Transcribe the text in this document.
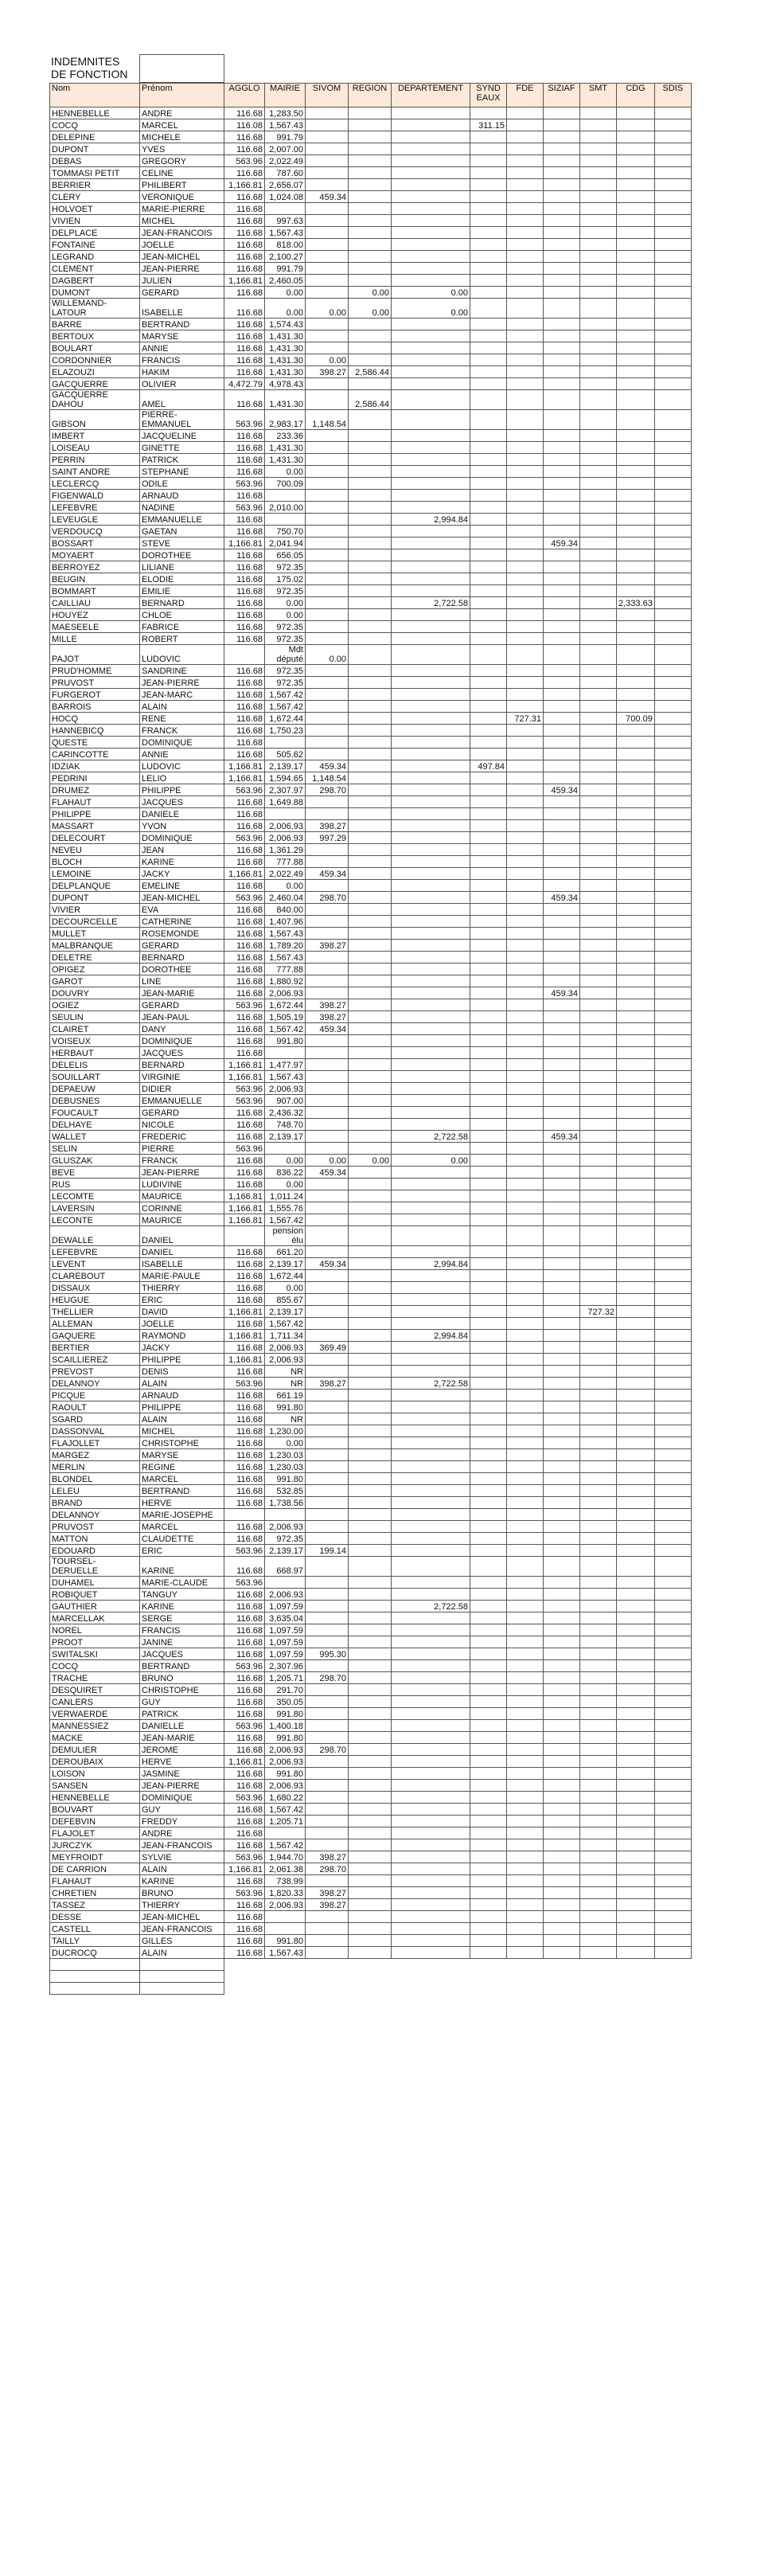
INDEMNITES DE FONCTION	
Nom	Prénom	AGGLO	MAIRIE	SIVOM	REGION	DEPARTEMENT	SYND EAUX	FDE	SIZIAF	SMT	CDG	SDIS
HENNEBELLE	ANDRE	116.68	1,283.50									
COCQ	MARCEL	116.08	1,567.43				311.15					
DELEPINE	MICHELE	116.68	991.79									
DUPONT	YVES	116.68	2,007.00									
DEBAS	GREGORY	563.96	2,022.49									
TOMMASI PETIT	CELINE	116.68	787.60									
BERRIER	PHILIBERT	1,166.81	2,656.07									
CLERY	VERONIQUE	116.68	1,024.08	459.34								
HOLVOET	MARIE-PIERRE	116.68										
VIVIEN	MICHEL	116.68	997.63									
DELPLACE	JEAN-FRANCOIS	116.68	1,567.43									
FONTAINE	JOELLE	116.68	818.00									
LEGRAND	JEAN-MICHEL	116.68	2,100.27									
CLEMENT	JEAN-PIERRE	116.68	991.79									
DAGBERT	JULIEN	1,166.81	2,460.05									
DUMONT	GERARD	116.68	0.00		0.00	0.00						
WILLEMAND-LATOUR	ISABELLE	116.68	0.00	0.00	0.00	0.00						
BARRE	BERTRAND	116.68	1,574.43									
BERTOUX	MARYSE	116.68	1,431.30									
BOULART	ANNIE	116.68	1,431.30									
CORDONNIER	FRANCIS	116.68	1,431.30	0.00								
ELAZOUZI	HAKIM	116.68	1,431.30	398.27	2,586.44							
GACQUERRE	OLIVIER	4,472.79	4,978.43									
GACQUERRE DAHOU	AMEL	116.68	1,431.30		2,586.44							
GIBSON	PIERRE-EMMANUEL	563.96	2,983.17	1,148.54								
IMBERT	JACQUELINE	116.68	233.36									
LOISEAU	GINETTE	116.68	1,431.30									
PERRIN	PATRICK	116.68	1,431.30									
SAINT ANDRE	STEPHANE	116.68	0.00									
LECLERCQ	ODILE	563.96	700.09									
FIGENWALD	ARNAUD	116.68										
LEFEBVRE	NADINE	563.96	2,010.00									
LEVEUGLE	EMMANUELLE	116.68				2,994.84						
VERDOUCQ	GAETAN	116.68	750.70									
BOSSART	STEVE	1,166.81	2,041.94						459.34			
MOYAERT	DOROTHEE	116.68	656.05									
BERROYEZ	LILIANE	116.68	972.35									
BEUGIN	ELODIE	116.68	175.02									
BOMMART	EMILIE	116.68	972.35									
CAILLIAU	BERNARD	116.68	0.00			2,722.58					2,333.63	
HOUYEZ	CHLOE	116.68	0.00									
MAESEELE	FABRICE	116.68	972.35									
MILLE	ROBERT	116.68	972.35									
PAJOT	LUDOVIC		Mdt député	0.00								
PRUD'HOMME	SANDRINE	116.68	972.35									
PRUVOST	JEAN-PIERRE	116.68	972.35									
FURGEROT	JEAN-MARC	116.68	1,567.42									
BARROIS	ALAIN	116.68	1,567.42									
HOCQ	RENE	116.68	1,672.44					727.31			700.09	
HANNEBICQ	FRANCK	116.68	1,750.23									
QUESTE	DOMINIQUE	116.68										
CARINCOTTE	ANNIE	116.68	505.62									
IDZIAK	LUDOVIC	1,166.81	2,139.17	459.34			497.84					
PEDRINI	LELIO	1,166.81	1,594.65	1,148.54								
DRUMEZ	PHILIPPE	563.96	2,307.97	298.70					459.34			
FLAHAUT	JACQUES	116.68	1,649.88									
PHILIPPE	DANIELE	116.68										
MASSART	YVON	116.68	2,006.93	398.27								
DELECOURT	DOMINIQUE	563.96	2,006.93	997.29								
NEVEU	JEAN	116.68	1,361.29									
BLOCH	KARINE	116.68	777.88									
LEMOINE	JACKY	1,166.81	2,022.49	459.34								
DELPLANQUE	EMELINE	116.68	0.00									
DUPONT	JEAN-MICHEL	563.96	2,460.04	298.70					459.34			
VIVIER	EVA	116.68	840.00									
DECOURCELLE	CATHERINE	116.68	1,407.96									
MULLET	ROSEMONDE	116.68	1,567.43									
MALBRANQUE	GERARD	116.68	1,789.20	398.27								
DELETRE	BERNARD	116.68	1,567.43									
OPIGEZ	DOROTHEE	116.68	777.88									
GAROT	LINE	116.68	1,880.92									
DOUVRY	JEAN-MARIE	116.68	2,006.93						459.34			
OGIEZ	GERARD	563.96	1,672.44	398.27								
SEULIN	JEAN-PAUL	116.68	1,505.19	398.27								
CLAIRET	DANY	116.68	1,567.42	459.34								
VOISEUX	DOMINIQUE	116.68	991.80									
HERBAUT	JACQUES	116.68										
DELELIS	BERNARD	1,166.81	1,477.97									
SOUILLART	VIRGINIE	1,166.81	1,567.43									
DEPAEUW	DIDIER	563.96	2,006.93									
DEBUSNES	EMMANUELLE	563.96	907.00									
FOUCAULT	GERARD	116.68	2,436.32									
DELHAYE	NICOLE	116.68	748.70									
WALLET	FREDERIC	116.68	2,139.17			2,722.58			459.34			
SELIN	PIERRE	563.96										
GLUSZAK	FRANCK	116.68	0.00	0.00	0.00	0.00						
BEVE	JEAN-PIERRE	116.68	836.22	459.34								
RUS	LUDIVINE	116.68	0.00									
LECOMTE	MAURICE	1,166.81	1,011.24									
LAVERSIN	CORINNE	1,166.81	1,555.76									
LECONTE	MAURICE	1,166.81	1,567.42									
DEWALLE	DANIEL		pension élu									
LEFEBVRE	DANIEL	116.68	661.20									
LEVENT	ISABELLE	116.68	2,139.17	459.34		2,994.84						
CLAREBOUT	MARIE-PAULE	116.68	1,672.44									
DISSAUX	THIERRY	116.68	0.00									
HEUGUE	ERIC	116.68	855.67									
THELLIER	DAVID	1,166.81	2,139.17							727.32		
ALLEMAN	JOELLE	116.68	1,567.42									
GAQUERE	RAYMOND	1,166.81	1,711.34			2,994.84						
BERTIER	JACKY	116.68	2,006.93	369.49								
SCAILLIEREZ	PHILIPPE	1,166.81	2,006.93									
PREVOST	DENIS	116.68	NR									
DELANNOY	ALAIN	563.96	NR	398.27		2,722.58						
PICQUE	ARNAUD	116.68	661.19									
RAOULT	PHILIPPE	116.68	991.80									
SGARD	ALAIN	116.68	NR									
DASSONVAL	MICHEL	116.68	1,230.00									
FLAJOLLET	CHRISTOPHE	116.68	0.00									
MARGEZ	MARYSE	116.68	1,230.03									
MERLIN	REGINE	116.68	1,230.03									
BLONDEL	MARCEL	116.68	991.80									
LELEU	BERTRAND	116.68	532.85									
BRAND	HERVE	116.68	1,738.56									
DELANNOY	MARIE-JOSEPHE											
PRUVOST	MARCEL	116.68	2,006.93									
MATTON	CLAUDETTE	116.68	972.35									
EDOUARD	ERIC	563.96	2,139.17	199.14								
TOURSEL-DERUELLE	KARINE	116.68	668.97									
DUHAMEL	MARIE-CLAUDE	563.96										
ROBIQUET	TANGUY	116.68	2,006.93									
GAUTHIER	KARINE	116.68	1,097.59			2,722.58						
MARCELLAK	SERGE	116.68	3,635.04									
NOREL	FRANCIS	116.68	1,097.59									
PROOT	JANINE	116.68	1,097.59									
SWITALSKI	JACQUES	116.68	1,097.59	995.30								
COCQ	BERTRAND	563.96	2,307.96									
TRACHE	BRUNO	116.68	1,205.71	298.70								
DESQUIRET	CHRISTOPHE	116.68	291.70									
CANLERS	GUY	116.68	350.05									
VERWAERDE	PATRICK	116.68	991.80									
MANNESSIEZ	DANIELLE	563.96	1,400.18									
MACKE	JEAN-MARIE	116.68	991.80									
DEMULIER	JEROME	116.68	2,006.93	298.70								
DEROUBAIX	HERVE	1,166.81	2,006.93									
LOISON	JASMINE	116.68	991.80									
SANSEN	JEAN-PIERRE	116.68	2,006.93									
HENNEBELLE	DOMINIQUE	563.96	1,680.22									
BOUVART	GUY	116.68	1,567.42									
DEFEBVIN	FREDDY	116.68	1,205.71									
FLAJOLET	ANDRE	116.68										
JURCZYK	JEAN-FRANCOIS	116.68	1,567.42									
MEYFROIDT	SYLVIE	563.96	1,944.70	398.27								
DE CARRION	ALAIN	1,166.81	2,061.38	298.70								
FLAHAUT	KARINE	116.68	738.99									
CHRETIEN	BRUNO	563.96	1,820.33	398.27								
TASSEZ	THIERRY	116.68	2,006.93	398.27								
DESSE	JEAN-MICHEL	116.68										
CASTELL	JEAN-FRANCOIS	116.68										
TAILLY	GILLES	116.68	991.80									
DUCROCQ	ALAIN	116.68	1,567.43									
